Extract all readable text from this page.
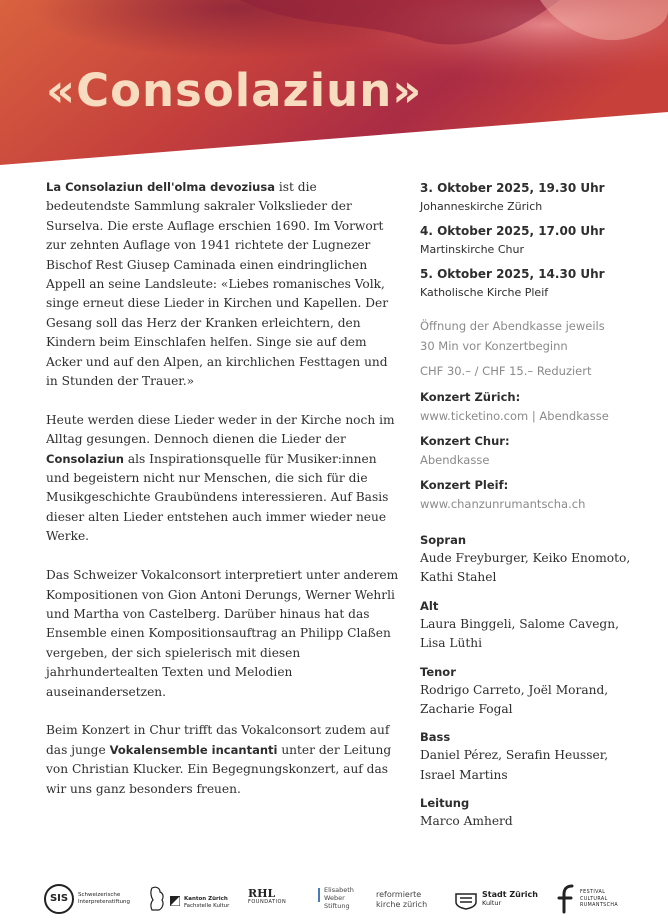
«Consolaziun»

La Consolaziun dell'olma devoziusa ist die bedeutendste Sammlung sakraler Volkslieder der Surselva. Die erste Auflage erschien 1690. Im Vorwort zur zehnten Auflage von 1941 richtete der Lugnezer Bischof Rest Giusep Caminada einen eindringlichen Appell an seine Landsleute: «Liebes romanisches Volk, singe erneut diese Lieder in Kirchen und Kapellen. Der Gesang soll das Herz der Kranken erleichtern, den Kindern beim Einschlafen helfen. Singe sie auf dem Acker und auf den Alpen, an kirchlichen Festtagen und in Stunden der Trauer.»

Heute werden diese Lieder weder in der Kirche noch im Alltag gesungen. Dennoch dienen die Lieder der Consolaziun als Inspirationsquelle für Musiker:innen und begeistern nicht nur Menschen, die sich für die Musikgeschichte Graubündens interessieren. Auf Basis dieser alten Lieder entstehen auch immer wieder neue Werke.

Das Schweizer Vokalconsort interpretiert unter anderem Kompositionen von Gion Antoni Derungs, Werner Wehrli und Martha von Castelberg. Darüber hinaus hat das Ensemble einen Kompositionsauftrag an Philipp Claßen vergeben, der sich spielerisch mit diesen jahrhundertealten Texten und Melodien auseinandersetzen.

Beim Konzert in Chur trifft das Vokalconsort zudem auf das junge Vokalensemble incantanti unter der Leitung von Christian Klucker. Ein Begegnungskonzert, auf das wir uns ganz besonders freuen.

3. Oktober 2025, 19.30 Uhr
Johanneskirche Zürich
4. Oktober 2025, 17.00 Uhr
Martinskirche Chur
5. Oktober 2025, 14.30 Uhr
Katholische Kirche Pleif
Öffnung der Abendkasse jeweils
30 Min vor Konzertbeginn
CHF 30.– / CHF 15.– Reduziert
Konzert Zürich:
www.ticketino.com | Abendkasse
Konzert Chur:
Abendkasse
Konzert Pleif:
www.chanzunrumantscha.ch
Sopran
Aude Freyburger, Keiko Enomoto,
Kathi Stahel
Alt
Laura Binggeli, Salome Cavegn,
Lisa Lüthi
Tenor
Rodrigo Carreto, Joël Morand,
Zacharie Fogal
Bass
Daniel Pérez, Serafin Heusser,
Israel Martins
Leitung
Marco Amherd
SIS	Schweizerische
Interpretenstiftung	Kanton Zürich
Fachstelle Kultur
RHL
FOUNDATION
Elisabeth
Weber
Stiftung
reformierte
kirche zürich
Stadt Zürich
Kultur
FESTIVAL
CULTURAL
RUMANTSCHA
